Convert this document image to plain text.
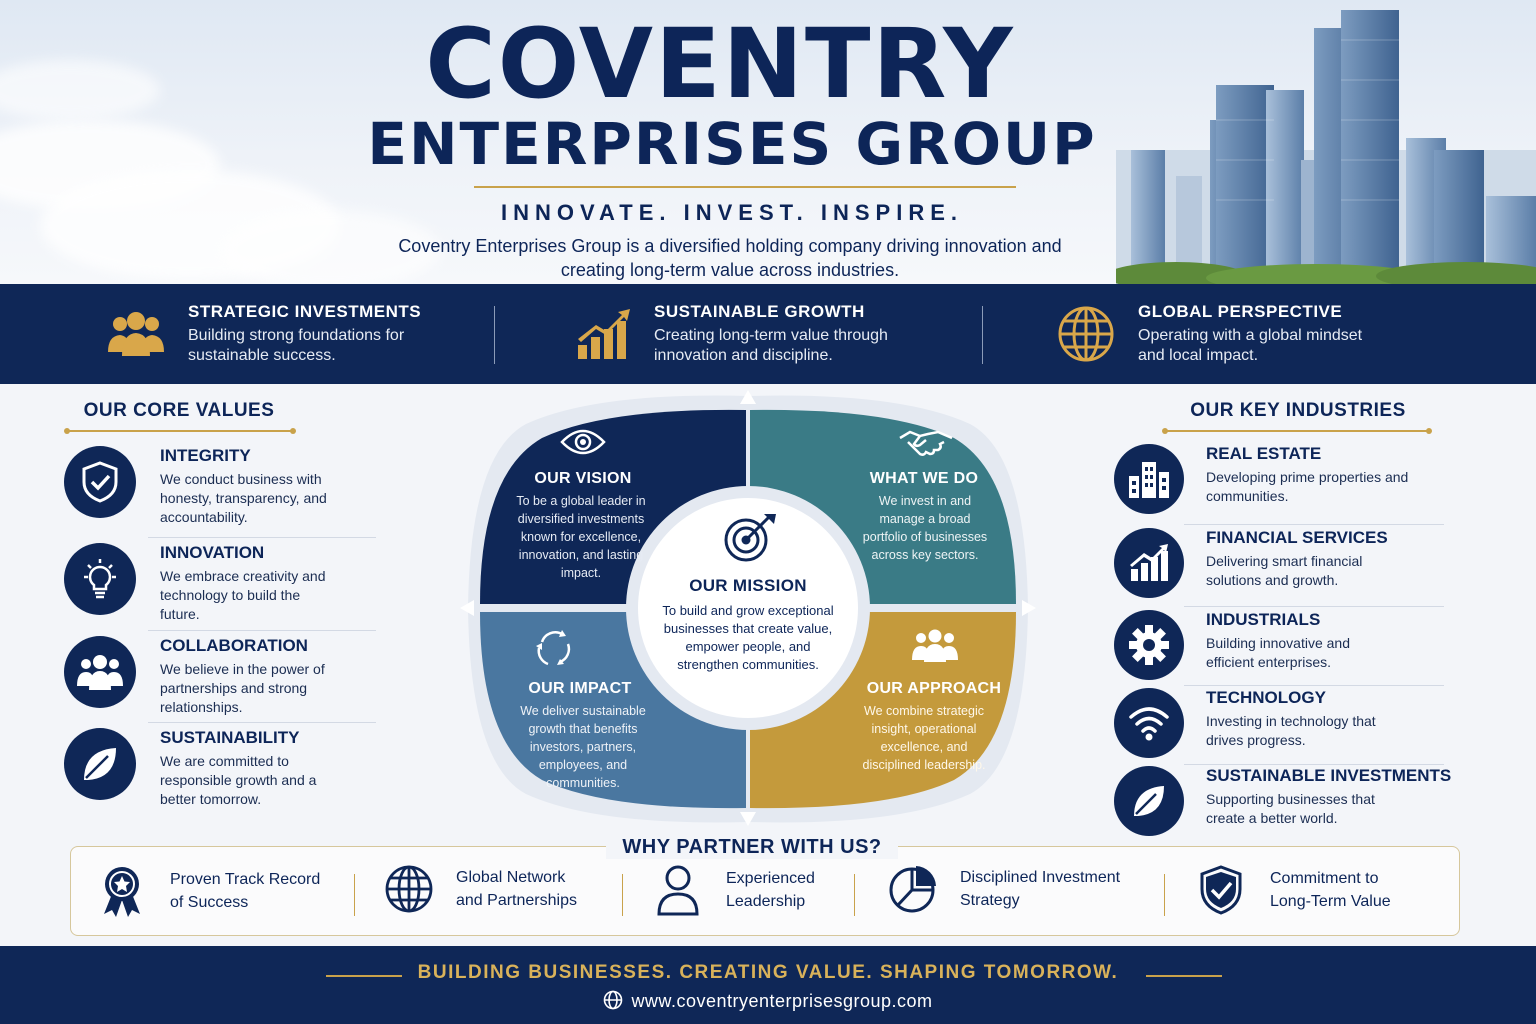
COVENTRY
ENTERPRISES GROUP
INNOVATE. INVEST. INSPIRE.
Coventry Enterprises Group is a diversified holding company driving innovation and creating long-term value across industries.
STRATEGIC INVESTMENTS
Building strong foundations for sustainable success.
SUSTAINABLE GROWTH
Creating long-term value through innovation and discipline.
GLOBAL PERSPECTIVE
Operating with a global mindset and local impact.
OUR CORE VALUES
INTEGRITY
We conduct business with honesty, transparency, and accountability.
INNOVATION
We embrace creativity and technology to build the future.
COLLABORATION
We believe in the power of partnerships and strong relationships.
SUSTAINABILITY
We are committed to responsible growth and a better tomorrow.
OUR VISION
To be a global leader in diversified investments known for excellence, innovation, and lasting impact.
WHAT WE DO
We invest in and manage a broad portfolio of businesses across key sectors.
OUR IMPACT
We deliver sustainable growth that benefits investors, partners, employees, and communities.
OUR APPROACH
We combine strategic insight, operational excellence, and disciplined leadership.
OUR MISSION
To build and grow exceptional businesses that create value, empower people, and strengthen communities.
OUR KEY INDUSTRIES
REAL ESTATE
Developing prime properties and communities.
FINANCIAL SERVICES
Delivering smart financial solutions and growth.
INDUSTRIALS
Building innovative and efficient enterprises.
TECHNOLOGY
Investing in technology that drives progress.
SUSTAINABLE INVESTMENTS
Supporting businesses that create a better world.
WHY PARTNER WITH US?
Proven Track Record
of Success
Global Network
and Partnerships
Experienced
Leadership
Disciplined Investment
Strategy
Commitment to
Long-Term Value
BUILDING BUSINESSES. CREATING VALUE. SHAPING TOMORROW.
www.coventryenterprisesgroup.com
